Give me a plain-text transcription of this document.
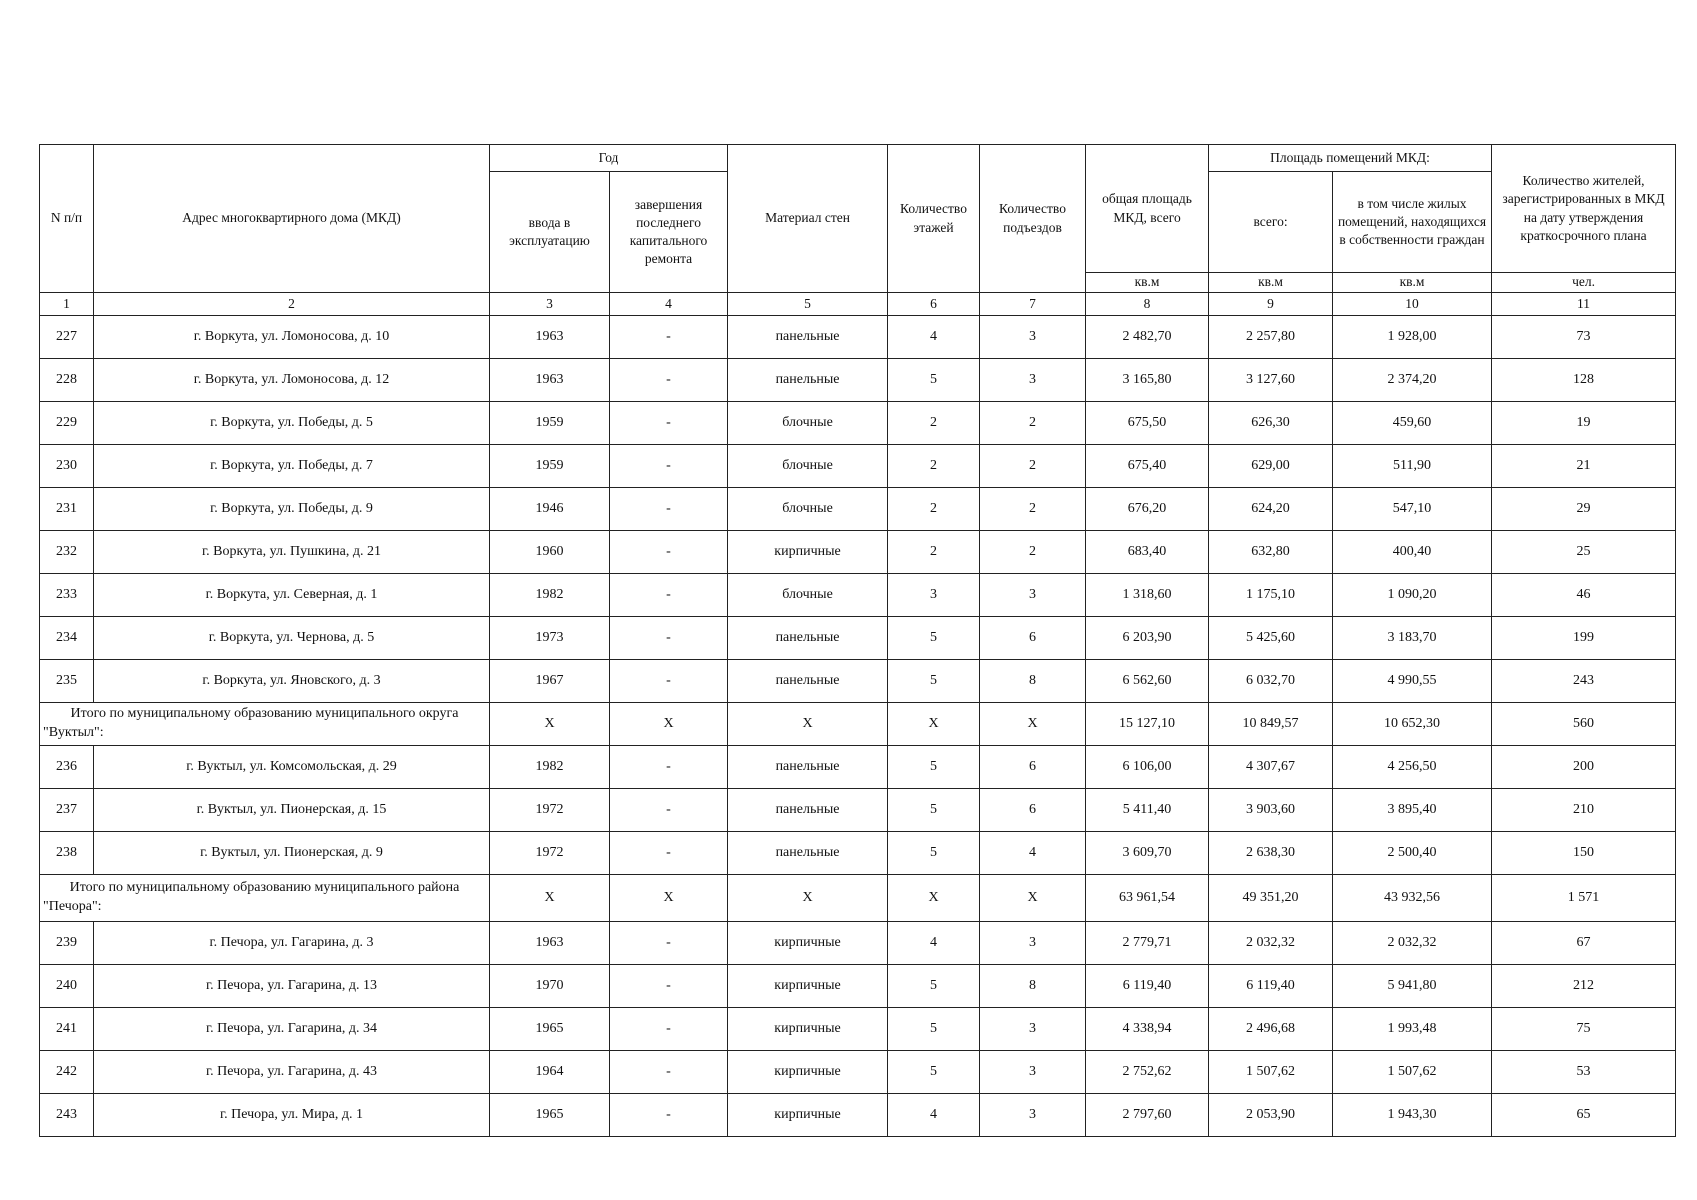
N п/п	Адрес многоквартирного дома (МКД)	Год		Материал стен	Количество этажей	Количество подъездов	общая площадь МКД, всего	Площадь помещений МКД:		Количество жителей, зарегистрированных в МКД на дату утверждения краткосрочного плана
		ввода в эксплуатацию	завершения последнего капитального ремонта					всего:	в том числе жилых помещений, находящихся в собственности граждан	
							кв.м	кв.м	кв.м	чел.
1	2	3	4	5	6	7	8	9	10	11
227	г. Воркута, ул. Ломоносова, д. 10	1963	-	панельные	4	3	2 482,70	2 257,80	1 928,00	73
228	г. Воркута, ул. Ломоносова, д. 12	1963	-	панельные	5	3	3 165,80	3 127,60	2 374,20	128
229	г. Воркута, ул. Победы, д. 5	1959	-	блочные	2	2	675,50	626,30	459,60	19
230	г. Воркута, ул. Победы, д. 7	1959	-	блочные	2	2	675,40	629,00	511,90	21
231	г. Воркута, ул. Победы, д. 9	1946	-	блочные	2	2	676,20	624,20	547,10	29
232	г. Воркута, ул. Пушкина, д. 21	1960	-	кирпичные	2	2	683,40	632,80	400,40	25
233	г. Воркута, ул. Северная, д. 1	1982	-	блочные	3	3	1 318,60	1 175,10	1 090,20	46
234	г. Воркута, ул. Чернова, д. 5	1973	-	панельные	5	6	6 203,90	5 425,60	3 183,70	199
235	г. Воркута, ул. Яновского, д. 3	1967	-	панельные	5	8	6 562,60	6 032,70	4 990,55	243
Итого по муниципальному образованию муниципального округа "Вуктыл":		X	X	X	X	X	15 127,10	10 849,57	10 652,30	560
236	г. Вуктыл, ул. Комсомольская, д. 29	1982	-	панельные	5	6	6 106,00	4 307,67	4 256,50	200
237	г. Вуктыл, ул. Пионерская, д. 15	1972	-	панельные	5	6	5 411,40	3 903,60	3 895,40	210
238	г. Вуктыл, ул. Пионерская, д. 9	1972	-	панельные	5	4	3 609,70	2 638,30	2 500,40	150
Итого по муниципальному образованию муниципального района "Печора":		X	X	X	X	X	63 961,54	49 351,20	43 932,56	1 571
239	г. Печора, ул. Гагарина, д. 3	1963	-	кирпичные	4	3	2 779,71	2 032,32	2 032,32	67
240	г. Печора, ул. Гагарина, д. 13	1970	-	кирпичные	5	8	6 119,40	6 119,40	5 941,80	212
241	г. Печора, ул. Гагарина, д. 34	1965	-	кирпичные	5	3	4 338,94	2 496,68	1 993,48	75
242	г. Печора, ул. Гагарина, д. 43	1964	-	кирпичные	5	3	2 752,62	1 507,62	1 507,62	53
243	г. Печора, ул. Мира, д. 1	1965	-	кирпичные	4	3	2 797,60	2 053,90	1 943,30	65
